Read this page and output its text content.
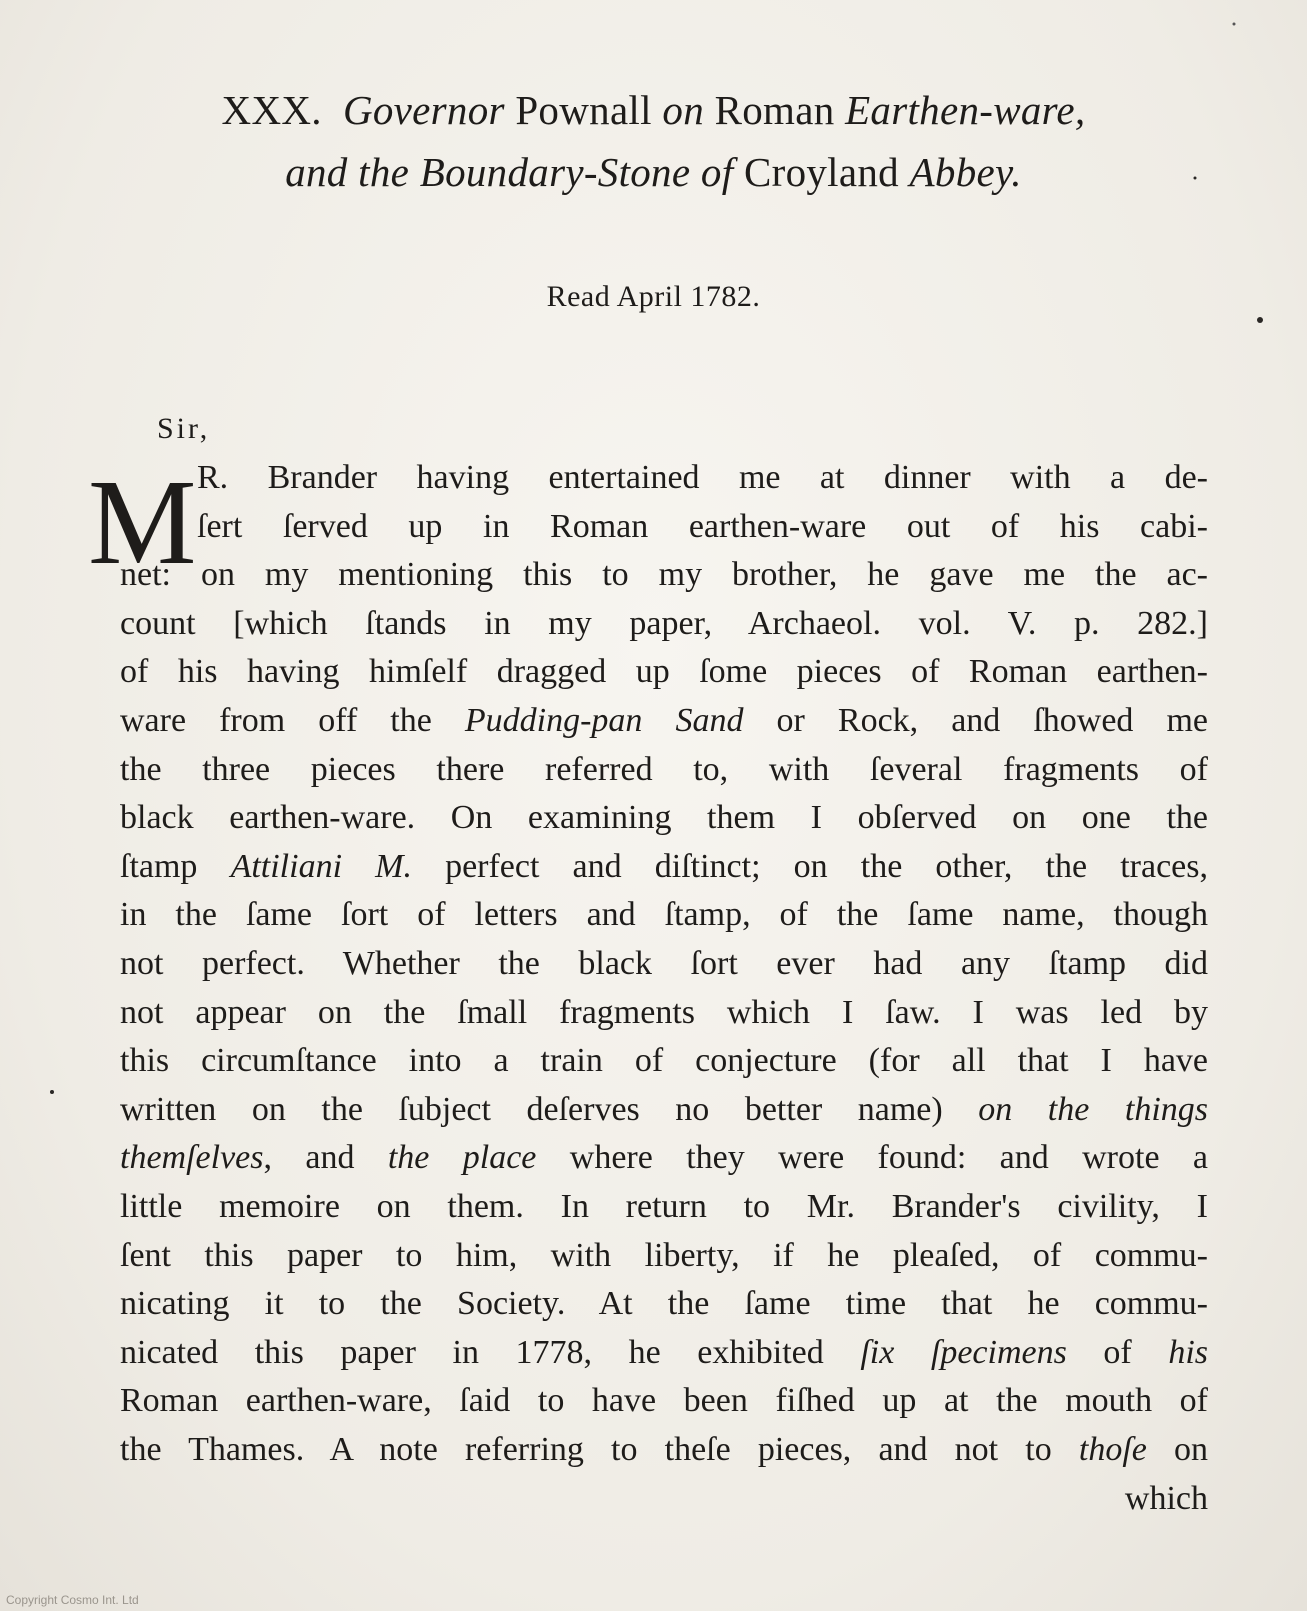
XXX. Governor Pownall on Roman Earthen-ware,
and the Boundary-Stone of Croyland Abbey.
Read April 1782.
Sir,
M R. Brander having entertained me at dinner with a de-
ſert ſerved up in Roman earthen-ware out of his cabi-
net: on my mentioning this to my brother, he gave me the ac-
count [which ſtands in my paper, Archaeol. vol. V. p. 282.]
of his having himſelf dragged up ſome pieces of Roman earthen-
ware from off the Pudding-pan Sand or Rock, and ſhowed me
the three pieces there referred to, with ſeveral fragments of
black earthen-ware. On examining them I obſerved on one the
ſtamp Attiliani M. perfect and diſtinct; on the other, the traces,
in the ſame ſort of letters and ſtamp, of the ſame name, though
not perfect. Whether the black ſort ever had any ſtamp did
not appear on the ſmall fragments which I ſaw. I was led by
this circumſtance into a train of conjecture (for all that I have
written on the ſubject deſerves no better name) on the things
themſelves, and the place where they were found: and wrote a
little memoire on them. In return to Mr. Brander's civility, I
ſent this paper to him, with liberty, if he pleaſed, of commu-
nicating it to the Society. At the ſame time that he commu-
nicated this paper in 1778, he exhibited ſix ſpecimens of his
Roman earthen-ware, ſaid to have been fiſhed up at the mouth of
the Thames. A note referring to theſe pieces, and not to thoſe on
which
Copyright Cosmo Int. Ltd
